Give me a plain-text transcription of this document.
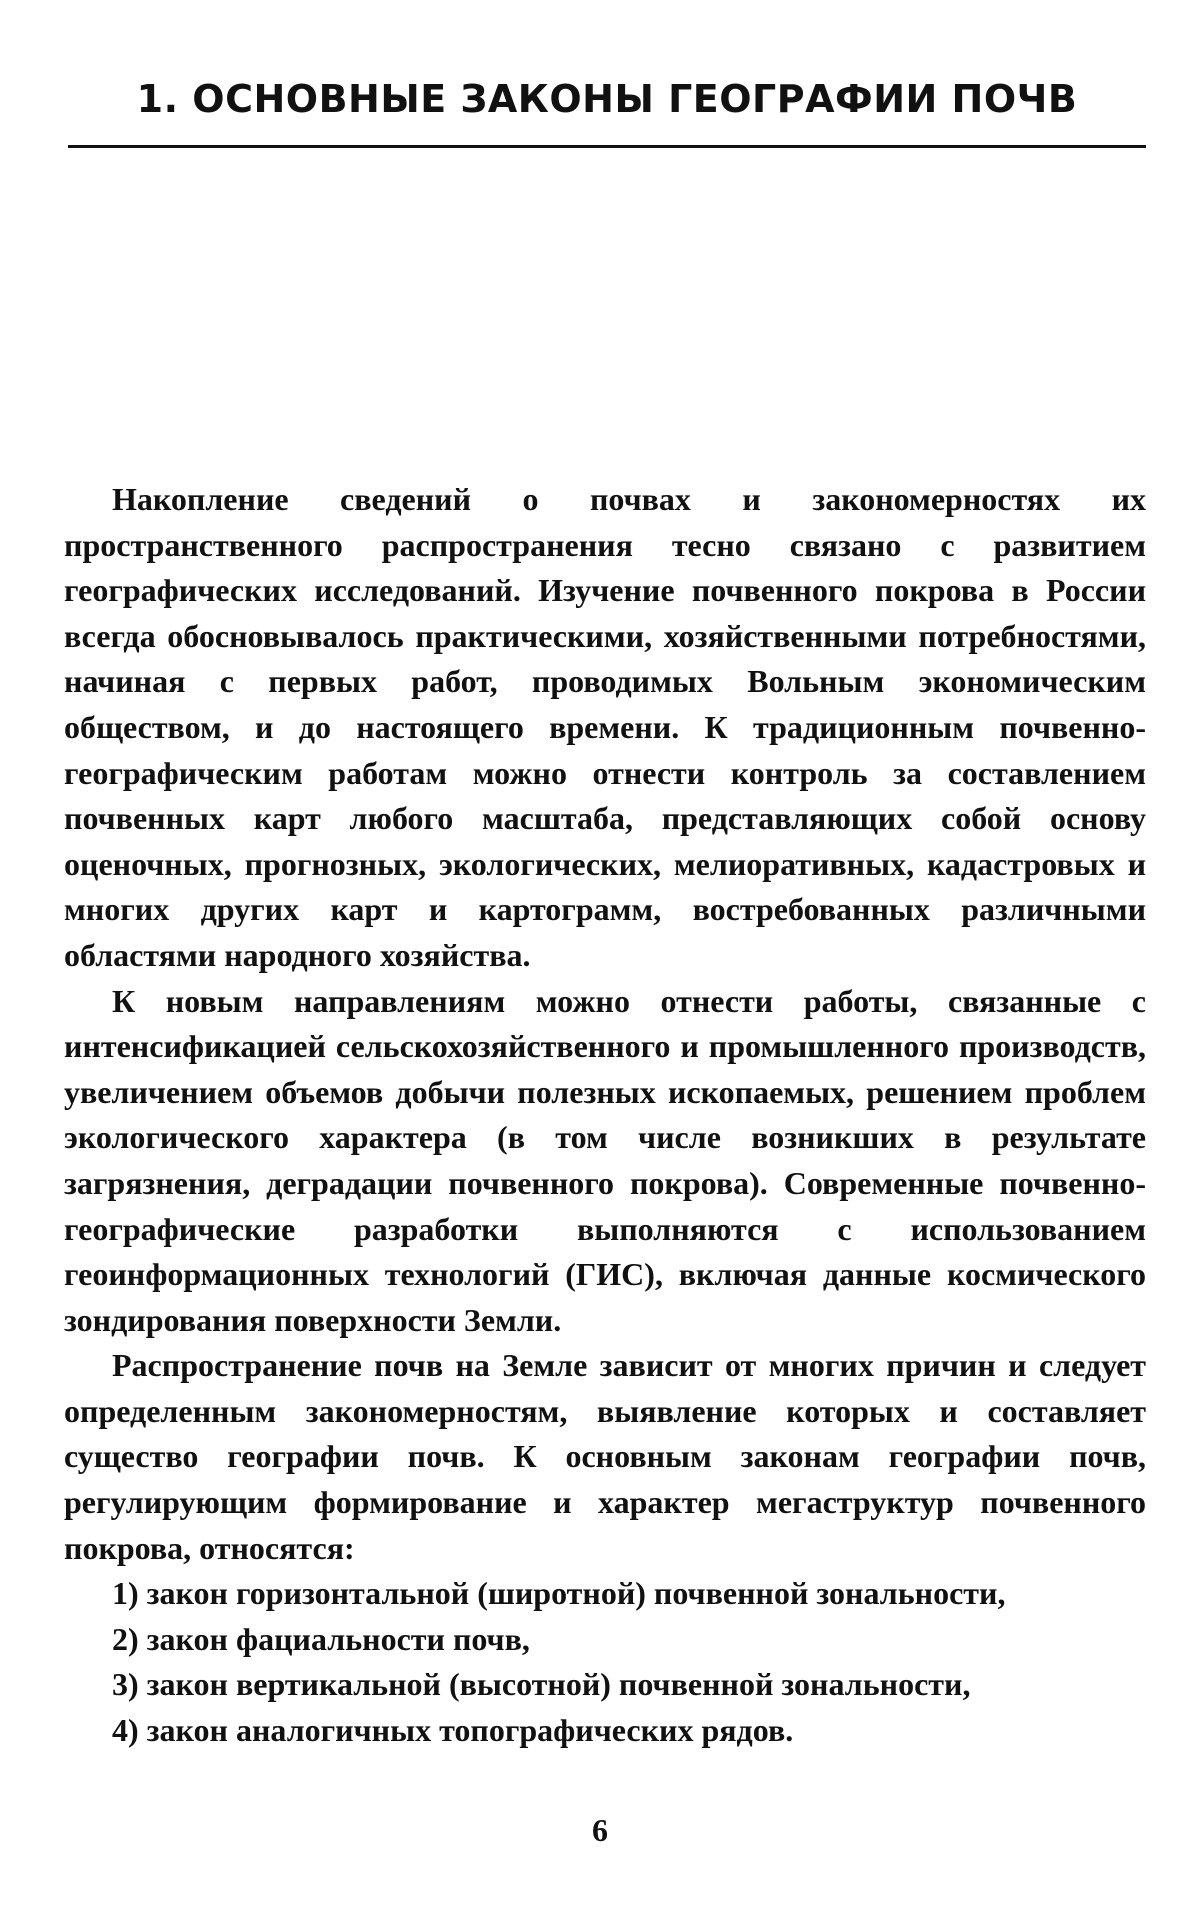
1. ОСНОВНЫЕ ЗАКОНЫ ГЕОГРАФИИ ПОЧВ

Накопление сведений о почвах и закономерностях их пространственного распространения тесно связано с развитием географических исследований. Изучение почвенного покрова в России всегда обосновывалось практическими, хозяйственными потребностями, начиная с первых работ, проводимых Вольным экономическим обществом, и до настоящего времени. К традиционным почвенно-географическим работам можно отнести контроль за составлением почвенных карт любого масштаба, представляющих собой основу оценочных, прогнозных, экологических, мелиоративных, кадастровых и многих других карт и картограмм, востребованных различными областями народного хозяйства.

К новым направлениям можно отнести работы, связанные с интенсификацией сельскохозяйственного и промышленного производств, увеличением объемов добычи полезных ископаемых, решением проблем экологического характера (в том числе возникших в результате загрязнения, деградации почвенного покрова). Современные почвенно-географические разработки выполняются с использованием геоинформационных технологий (ГИС), включая данные космического зондирования поверхности Земли.

Распространение почв на Земле зависит от многих причин и следует определенным закономерностям, выявление которых и составляет существо географии почв. К основным законам географии почв, регулирующим формирование и характер мегаструктур почвенного покрова, относятся:

1) закон горизонтальной (широтной) почвенной зональности,
2) закон фациальности почв,
3) закон вертикальной (высотной) почвенной зональности,
4) закон аналогичных топографических рядов.
6
